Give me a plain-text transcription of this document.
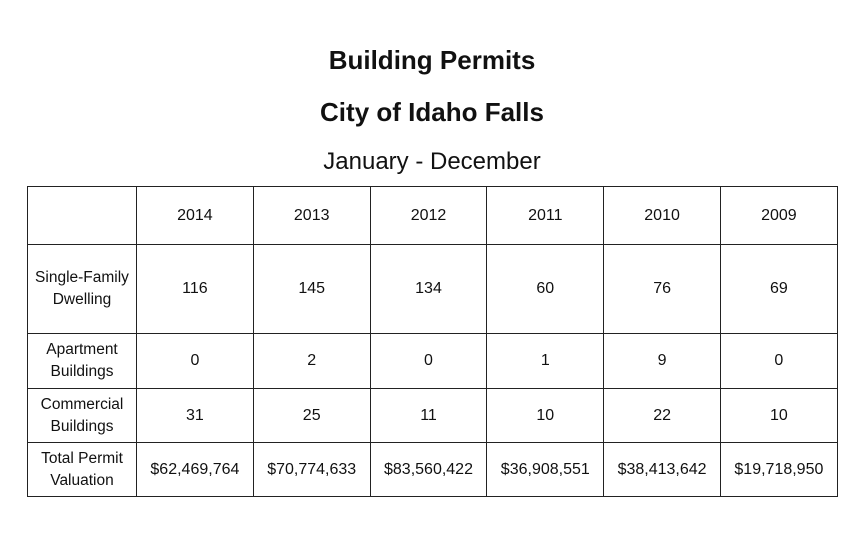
Building Permits
City of Idaho Falls
January - December
	2014	2013	2012	2011	2010	2009
Single-Family Dwelling	116	145	134	60	76	69
Apartment Buildings	0	2	0	1	9	0
Commercial Buildings	31	25	11	10	22	10
Total Permit Valuation	$62,469,764	$70,774,633	$83,560,422	$36,908,551	$38,413,642	$19,718,950
